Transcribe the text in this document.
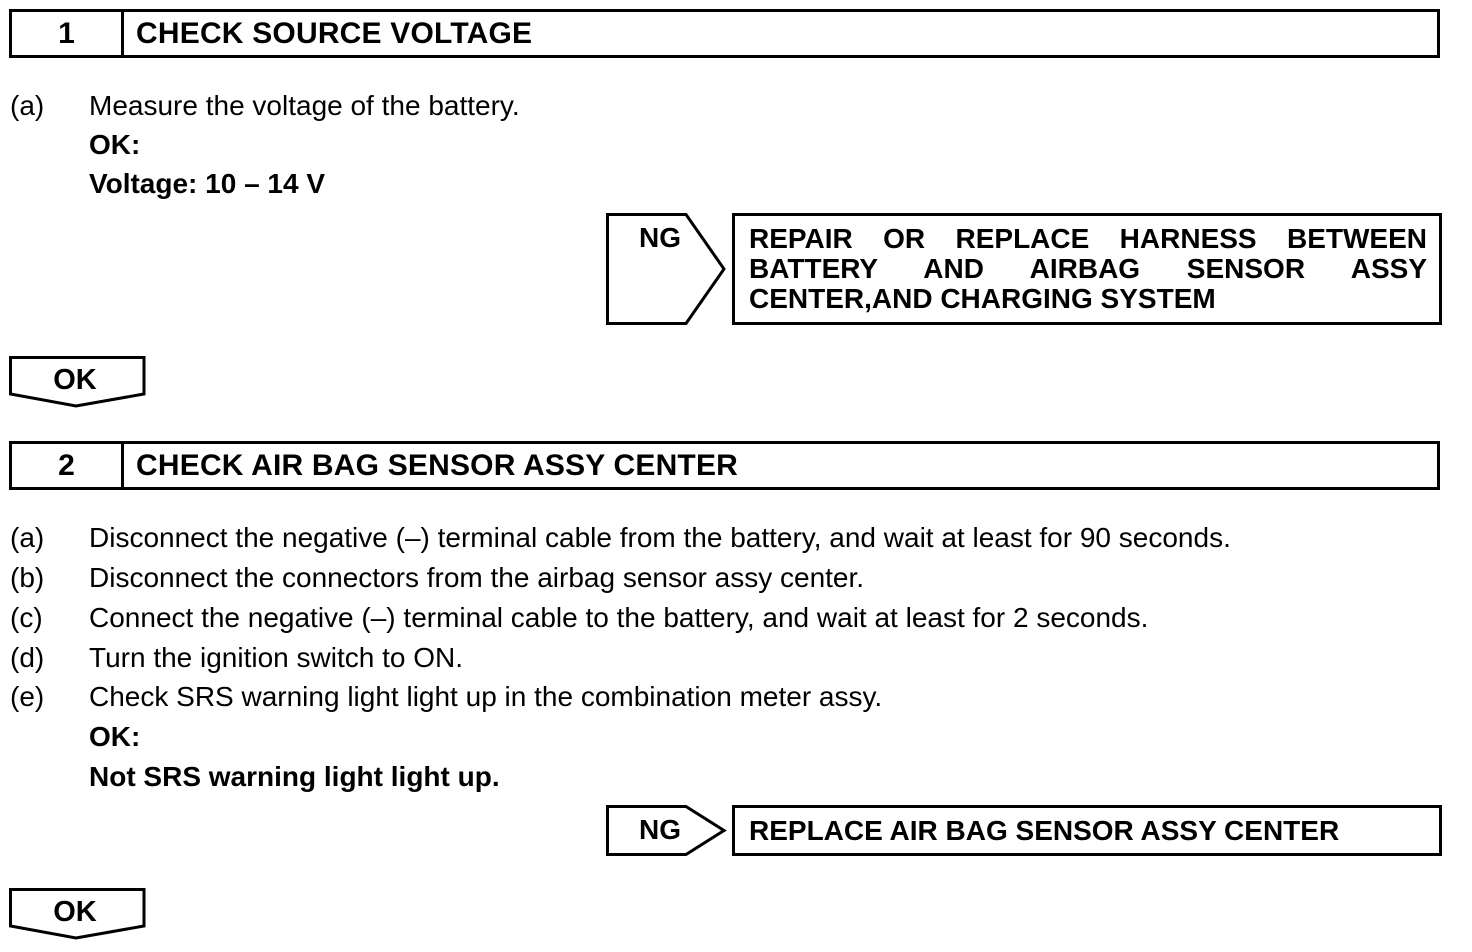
1	CHECK SOURCE VOLTAGE
(a) Measure the voltage of the battery.
OK:
Voltage: 10 – 14 V
NG REPAIR OR REPLACE HARNESS BETWEEN
BATTERY AND AIRBAG SENSOR ASSY
CENTER,AND CHARGING SYSTEM
OK
2	CHECK AIR BAG SENSOR ASSY CENTER
(a) Disconnect the negative (–) terminal cable from the battery, and wait at least for 90 seconds.
(b) Disconnect the connectors from the airbag sensor assy center.
(c) Connect the negative (–) terminal cable to the battery, and wait at least for 2 seconds.
(d) Turn the ignition switch to ON.
(e) Check SRS warning light light up in the combination meter assy.
OK:
Not SRS warning light light up.
NG	REPLACE AIR BAG SENSOR ASSY CENTER
OK
